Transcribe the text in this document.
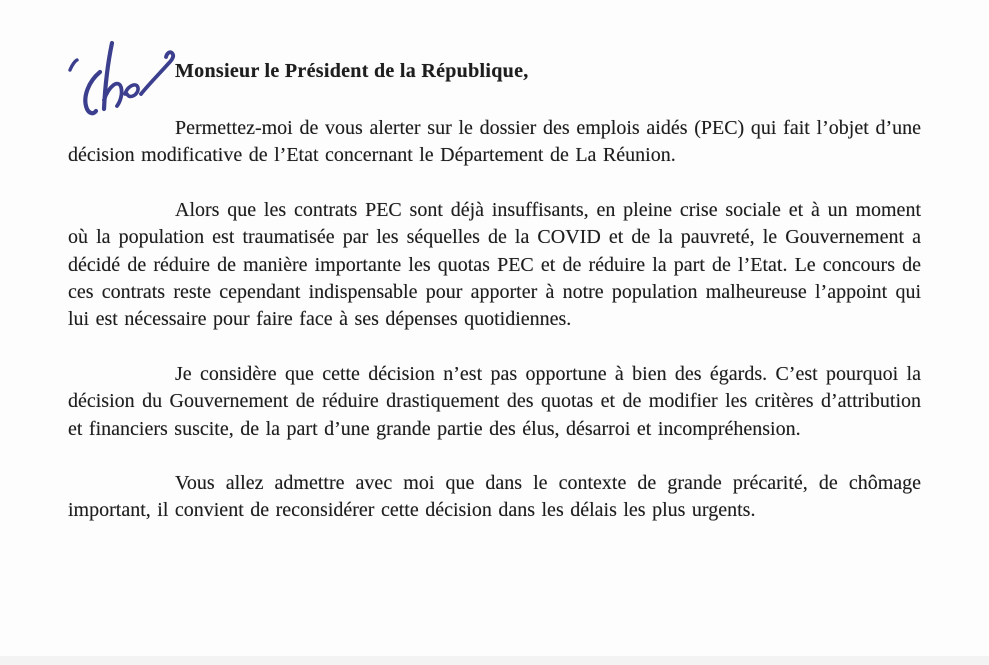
Monsieur le Président de la République,

Permettez-moi de vous alerter sur le dossier des emplois aidés (PEC) qui fait l’objet d’une décision modificative de l’Etat concernant le Département de La Réunion.

Alors que les contrats PEC sont déjà insuffisants, en pleine crise sociale et à un moment où la population est traumatisée par les séquelles de la COVID et de la pauvreté, le Gouvernement a décidé de réduire de manière importante les quotas PEC et de réduire la part de l’Etat. Le concours de ces contrats reste cependant indispensable pour apporter à notre population malheureuse l’appoint qui lui est nécessaire pour faire face à ses dépenses quotidiennes.

Je considère que cette décision n’est pas opportune à bien des égards. C’est pourquoi la décision du Gouvernement de réduire drastiquement des quotas et de modifier les critères d’attribution et financiers suscite, de la part d’une grande partie des élus, désarroi et incompréhension.

Vous allez admettre avec moi que dans le contexte de grande précarité, de chômage important, il convient de reconsidérer cette décision dans les délais les plus urgents.
